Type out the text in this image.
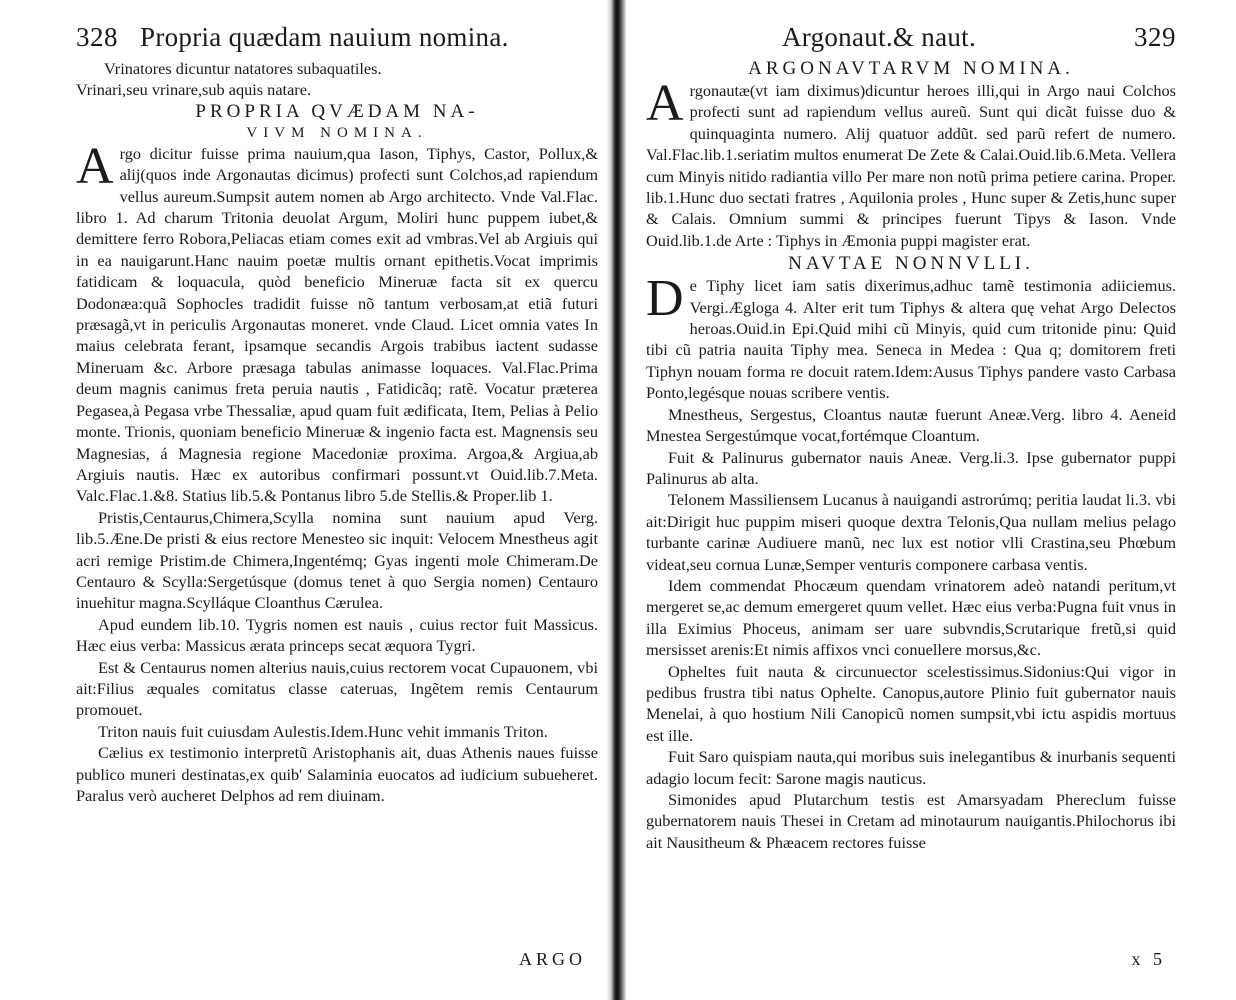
328 Propria quædam nauium nomina.

Vrinatores dicuntur natatores subaquatiles.

Vrinari,seu vrinare,sub aquis natare.

PROPRIA QVÆDAM NA-

VIVM NOMINA.

Argo dicitur fuisse prima nauium,qua Iason, Tiphys, Castor, Pollux,& alij(quos inde Argonautas dicimus) profecti sunt Colchos,ad rapiendum vellus aureum.Sumpsit autem nomen ab Argo architecto. Vnde Val.Flac. libro 1. Ad charum Tritonia deuolat Argum, Moliri hunc puppem iubet,& demittere ferro Robora,Peliacas etiam comes exit ad vmbras.Vel ab Argiuis qui in ea nauigarunt.Hanc nauim poetæ multis ornant epithetis.Vocat imprimis fatidicam & loquacula, quòd beneficio Mineruæ facta sit ex quercu Dodonæa:quã Sophocles tradidit fuisse nõ tantum verbosam,at etiã futuri præsagã,vt in periculis Argonautas moneret. vnde Claud. Licet omnia vates In maius celebrata ferant, ipsamque secandis Argois trabibus iactent sudasse Mineruam &c. Arbore præsaga tabulas animasse loquaces. Val.Flac.Prima deum magnis canimus freta peruia nautis , Fatidicãq; ratẽ. Vocatur præterea Pegasea,à Pegasa vrbe Thessaliæ, apud quam fuit ædificata, Item, Pelias à Pelio monte. Trionis, quoniam beneficio Mineruæ & ingenio facta est. Magnensis seu Magnesias, á Magnesia regione Macedoniæ proxima. Argoa,& Argiua,ab Argiuis nautis. Hæc ex autoribus confirmari possunt.vt Ouid.lib.7.Meta. Valc.Flac.1.&8. Statius lib.5.& Pontanus libro 5.de Stellis.& Proper.lib 1.

Pristis,Centaurus,Chimera,Scylla nomina sunt nauium apud Verg. lib.5.Æne.De pristi & eius rectore Menesteo sic inquit: Velocem Mnestheus agit acri remige Pristim.de Chimera,Ingentémq; Gyas ingenti mole Chimeram.De Centauro & Scylla:Sergetúsque (domus tenet à quo Sergia nomen) Centauro inuehitur magna.Scylláque Cloanthus Cærulea.

Apud eundem lib.10. Tygris nomen est nauis , cuius rector fuit Massicus. Hæc eius verba: Massicus ærata princeps secat æquora Tygri.

Est & Centaurus nomen alterius nauis,cuius rectorem vocat Cupauonem, vbi ait:Filius æquales comitatus classe cateruas, Ingẽtem remis Centaurum promouet.

Triton nauis fuit cuiusdam Aulestis.Idem.Hunc vehit immanis Triton.

Cælius ex testimonio interpretũ Aristophanis ait, duas Athenis naues fuisse publico muneri destinatas,ex quib' Salaminia euocatos ad iudicium subueheret. Paralus verò aucheret Delphos ad rem diuinam.

ARGO
Argonaut.& naut.	329

ARGONAVTARVM NOMINA.

Argonautæ(vt iam diximus)dicuntur heroes illi,qui in Argo naui Colchos profecti sunt ad rapiendum vellus aureũ. Sunt qui dicãt fuisse duo & quinquaginta numero. Alij quatuor addũt. sed parũ refert de numero. Val.Flac.lib.1.seriatim multos enumerat De Zete & Calai.Ouid.lib.6.Meta. Vellera cum Minyis nitido radiantia villo Per mare non notũ prima petiere carina. Proper. lib.1.Hunc duo sectati fratres , Aquilonia proles , Hunc super & Zetis,hunc super & Calais. Omnium summi & principes fuerunt Tipys & Iason. Vnde Ouid.lib.1.de Arte : Tiphys in Æmonia puppi magister erat.

NAVTAE NONNVLLI.

De Tiphy licet iam satis dixerimus,adhuc tamẽ testimonia adiiciemus. Vergi.Æglogа 4. Alter erit tum Tiphys & altera quę vehat Argo Delectos heroas.Ouid.in Epi.Quid mihi cũ Minyis, quid cum tritonide pinu: Quid tibi cũ patria nauita Tiphy mea. Seneca in Medea : Qua q; domitorem freti Tiphyn nouam forma re docuit ratem.Idem:Ausus Tiphys pandere vasto Carbasa Ponto,legésque nouas scribere ventis.

Mnestheus, Sergestus, Cloantus nautæ fuerunt Aneæ.Verg. libro 4. Aeneid Mnestea Sergestúmque vocat,fortémque Cloantum.

Fuit & Palinurus gubernator nauis Aneæ. Verg.li.3. Ipse gubernator puppi Palinurus ab alta.

Telonem Massiliensem Lucanus à nauigandi astrorúmq; peritia laudat li.3. vbi ait:Dirigit huc puppim miseri quoque dextra Telonis,Qua nullam melius pelago turbante carinæ Audiuere manũ, nec lux est notior vlli Crastina,seu Phœbum videat,seu cornua Lunæ,Semper venturis componere carbasa ventis.

Idem commendat Phocæum quendam vrinatorem adeò natandi peritum,vt mergeret se,ac demum emergeret quum vellet. Hæc eius verba:Pugna fuit vnus in illa Eximius Phoceus, animam ser uare subvndis,Scrutarique fretũ,si quid mersisset arenis:Et nimis affixos vnci conuellere morsus,&c.

Opheltes fuit nauta & circunuector scelestissimus.Sidonius:Qui vigor in pedibus frustra tibi natus Ophelte. Canopus,autore Plinio fuit gubernator nauis Menelai, à quo hostium Nili Canopicũ nomen sumpsit,vbi ictu aspidis mortuus est ille.

Fuit Saro quispiam nauta,qui moribus suis inelegantibus & inurbanis sequenti adagio locum fecit: Sarone magis nauticus.

Simonides apud Plutarchum testis est Amarsyadam Phereclum fuisse gubernatorem nauis Thesei in Cretam ad minotaurum nauigantis.Philochorus ibi ait Nausitheum & Phæacem rectores fuisse

x 5
